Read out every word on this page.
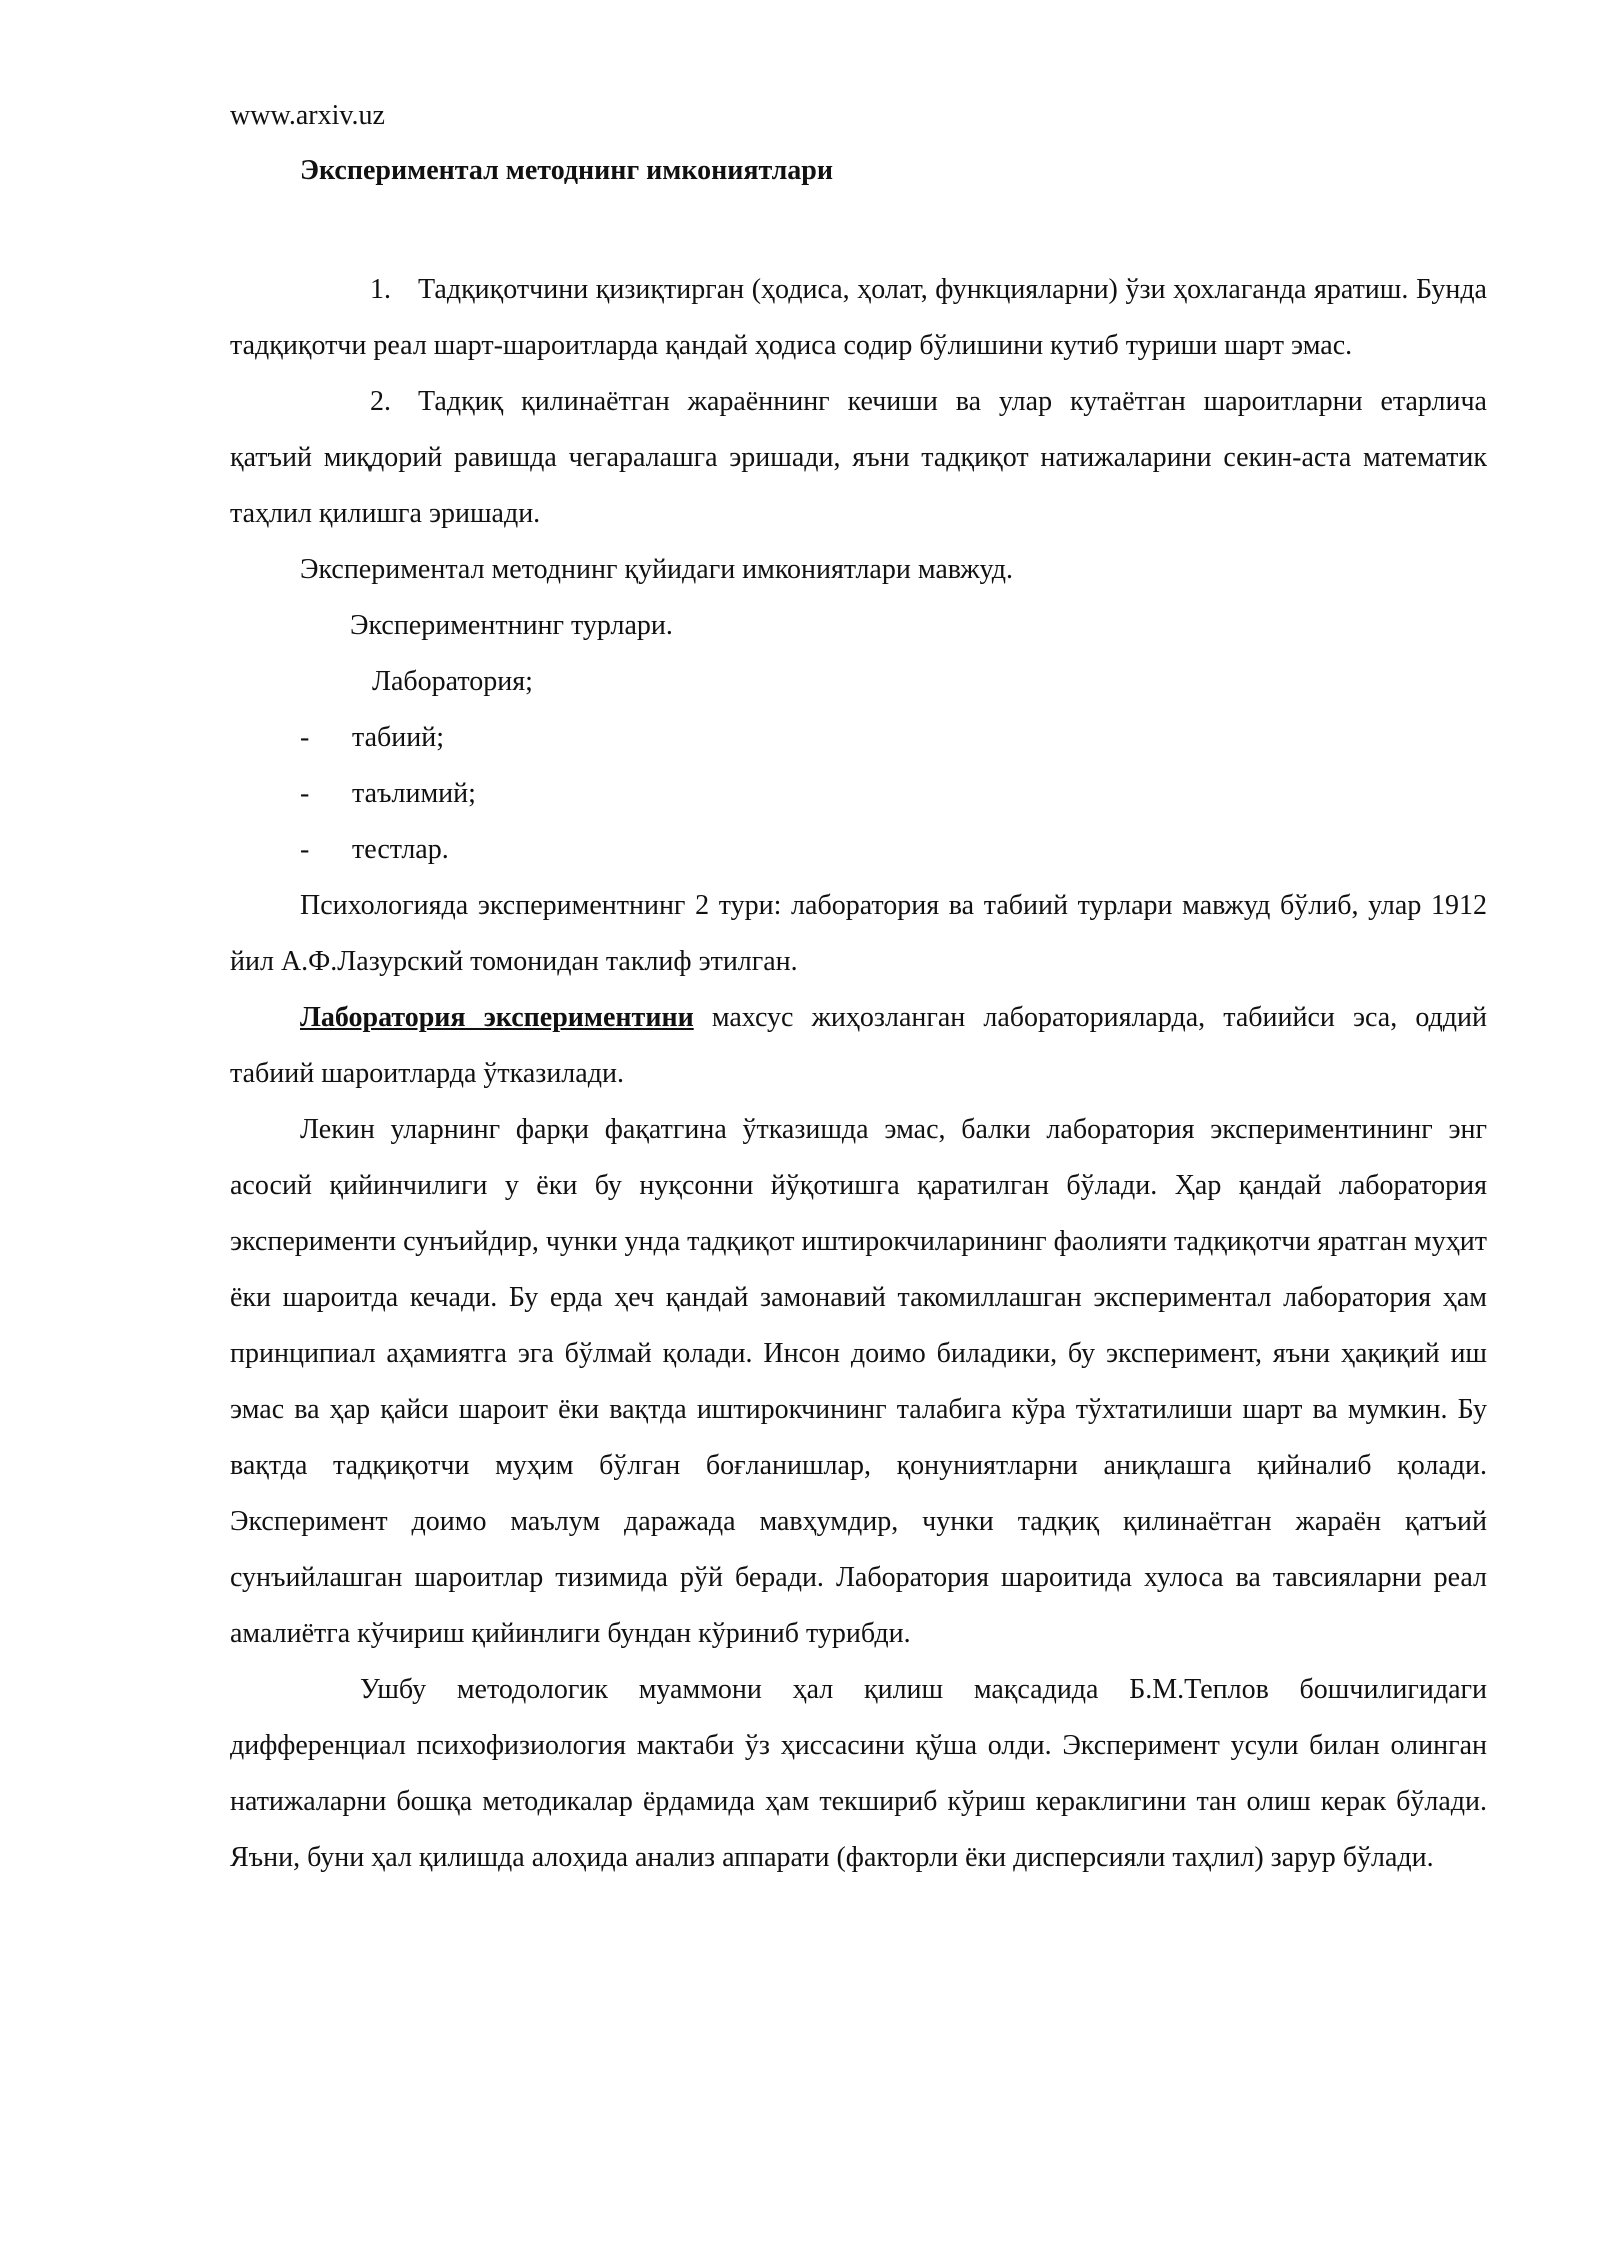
www.arxiv.uz
Экспериментал методнинг имкониятлари

1. Тадқиқотчини қизиқтирган (ҳодиса, ҳолат, функцияларни) ўзи ҳохлаганда яратиш. Бунда тадқиқотчи реал шарт-шароитларда қандай ҳодиса содир бўлишини кутиб туриши шарт эмас.

2. Тадқиқ қилинаётган жараённинг кечиши ва улар кутаётган шароитларни етарлича қатъий миқдорий равишда чегаралашга эришади, яъни тадқиқот натижаларини секин-аста математик таҳлил қилишга эришади.

Экспериментал методнинг қуйидаги имкониятлари мавжуд.

Экспериментнинг турлари.

Лаборатория;

- табиий;

- таълимий;

- тестлар.

Психологияда экспериментнинг 2 тури: лаборатория ва табиий турлари мавжуд бўлиб, улар 1912 йил А.Ф.Лазурский томонидан таклиф этилган.

Лаборатория экспериментини махсус жиҳозланган лабораторияларда, табиийси эса, оддий табиий шароитларда ўтказилади.

Лекин уларнинг фарқи фақатгина ўтказишда эмас, балки лаборатория экспериментининг энг асосий қийинчилиги у ёки бу нуқсонни йўқотишга қаратилган бўлади. Ҳар қандай лаборатория эксперименти сунъийдир, чунки унда тадқиқот иштирокчиларининг фаолияти тадқиқотчи яратган муҳит ёки шароитда кечади. Бу ерда ҳеч қандай замонавий такомиллашган экспериментал лаборатория ҳам принципиал аҳамиятга эга бўлмай қолади. Инсон доимо биладики, бу эксперимент, яъни ҳақиқий иш эмас ва ҳар қайси шароит ёки вақтда иштирокчининг талабига кўра тўхтатилиши шарт ва мумкин. Бу вақтда тадқиқотчи муҳим бўлган боғланишлар, қонуниятларни аниқлашга қийналиб қолади. Эксперимент доимо маълум даражада мавҳумдир, чунки тадқиқ қилинаётган жараён қатъий сунъийлашган шароитлар тизимида рўй беради. Лаборатория шароитида хулоса ва тавсияларни реал амалиётга кўчириш қийинлиги бундан кўриниб турибди.

Ушбу методологик муаммони ҳал қилиш мақсадида Б.М.Теплов бошчилигидаги дифференциал психофизиология мактаби ўз ҳиссасини қўша олди. Эксперимент усули билан олинган натижаларни бошқа методикалар ёрдамида ҳам текшириб кўриш кераклигини тан олиш керак бўлади. Яъни, буни ҳал қилишда алоҳида анализ аппарати (факторли ёки дисперсияли таҳлил) зарур бўлади.
